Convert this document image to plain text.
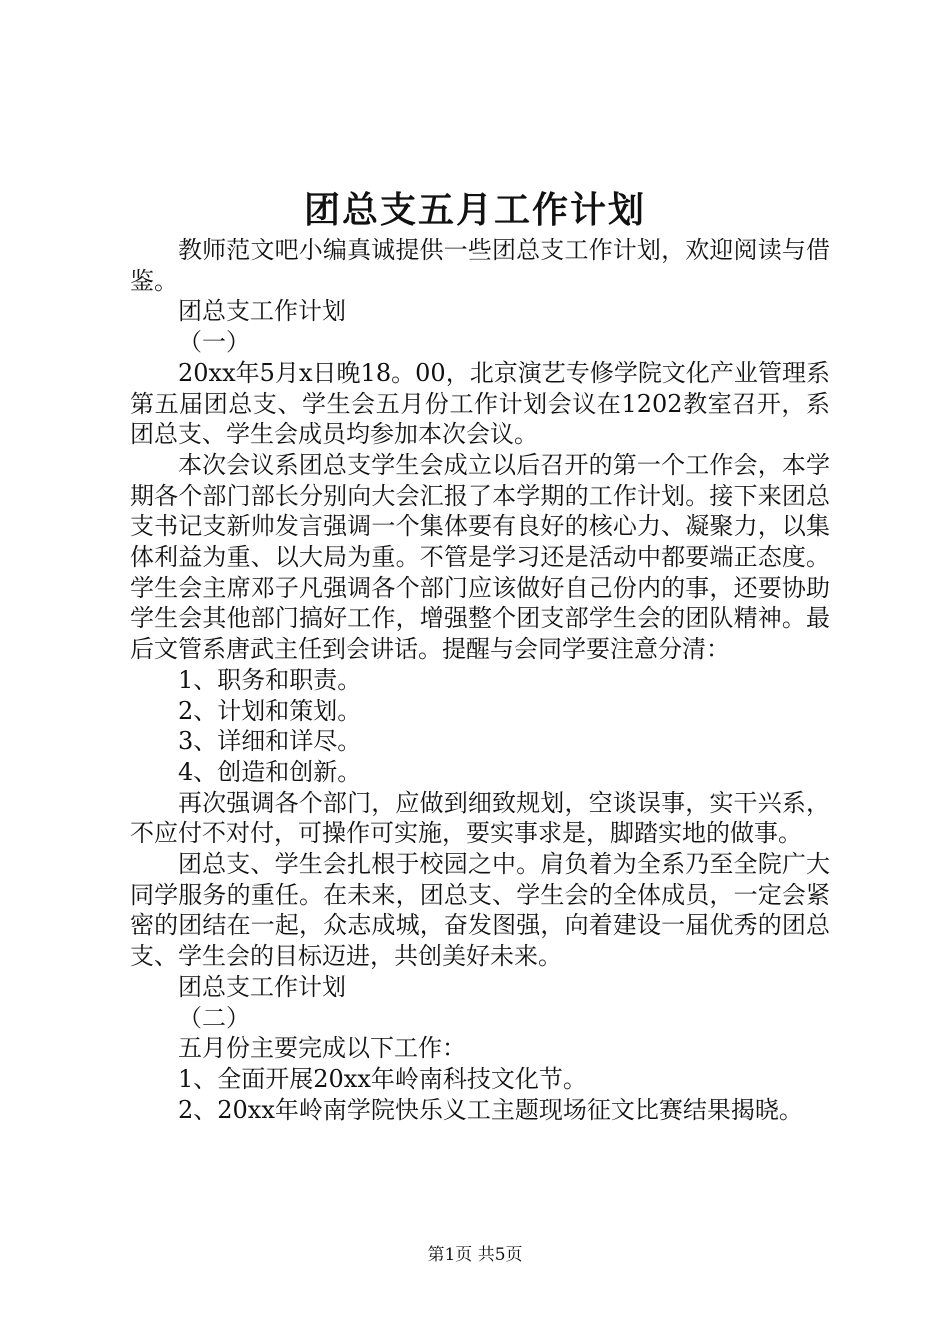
团总支五月工作计划

教师范文吧小编真诚提供一些团总支工作计划，欢迎阅读与借鉴。

团总支工作计划

（一）

20xx年5月x日晚18。00，北京演艺专修学院文化产业管理系第五届团总支、学生会五月份工作计划会议在1202教室召开，系团总支、学生会成员均参加本次会议。

本次会议系团总支学生会成立以后召开的第一个工作会，本学期各个部门部长分别向大会汇报了本学期的工作计划。接下来团总支书记支新帅发言强调一个集体要有良好的核心力、凝聚力，以集体利益为重、以大局为重。不管是学习还是活动中都要端正态度。学生会主席邓子凡强调各个部门应该做好自己份内的事，还要协助学生会其他部门搞好工作，增强整个团支部学生会的团队精神。最后文管系唐武主任到会讲话。提醒与会同学要注意分清：

1、职务和职责。

2、计划和策划。

3、详细和详尽。

4、创造和创新。

再次强调各个部门，应做到细致规划，空谈误事，实干兴系，不应付不对付，可操作可实施，要实事求是，脚踏实地的做事。

团总支、学生会扎根于校园之中。肩负着为全系乃至全院广大同学服务的重任。在未来，团总支、学生会的全体成员，一定会紧密的团结在一起，众志成城，奋发图强，向着建设一届优秀的团总支、学生会的目标迈进，共创美好未来。

团总支工作计划

（二）

五月份主要完成以下工作：

1、全面开展20xx年岭南科技文化节。

2、20xx年岭南学院快乐义工主题现场征文比赛结果揭晓。

第1页 共5页
